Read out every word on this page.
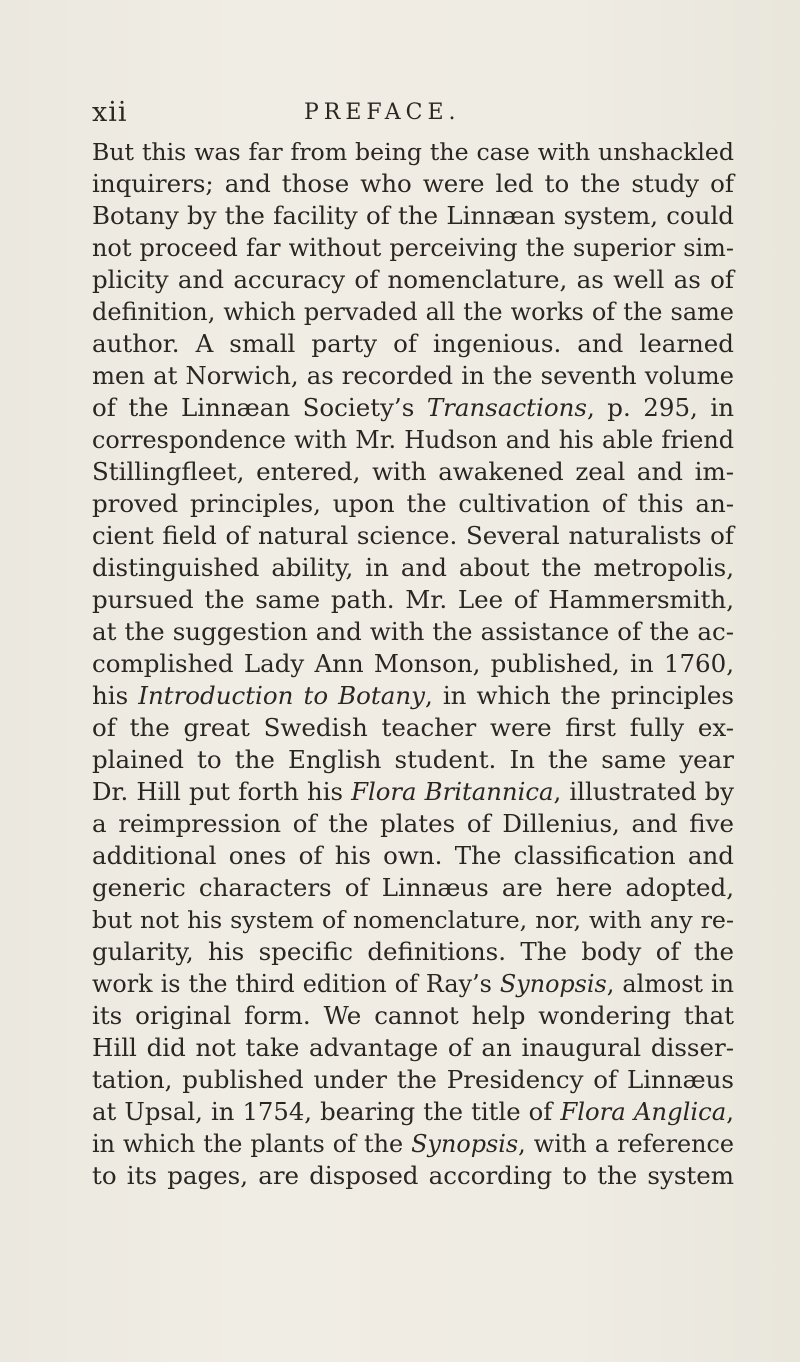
xii	PREFACE.
But this was far from being the case with unshackled
inquirers; and those who were led to the study of
Botany by the facility of the Linnæan system, could
not proceed far without perceiving the superior sim-
plicity and accuracy of nomenclature, as well as of
definition, which pervaded all the works of the same
author. A small party of ingenious. and learned
men at Norwich, as recorded in the seventh volume
of the Linnæan Society’s Transactions, p. 295, in
correspondence with Mr. Hudson and his able friend
Stillingfleet, entered, with awakened zeal and im-
proved principles, upon the cultivation of this an-
cient field of natural science. Several naturalists of
distinguished ability, in and about the metropolis,
pursued the same path. Mr. Lee of Hammersmith,
at the suggestion and with the assistance of the ac-
complished Lady Ann Monson, published, in 1760,
his Introduction to Botany, in which the principles
of the great Swedish teacher were first fully ex-
plained to the English student. In the same year
Dr. Hill put forth his Flora Britannica, illustrated by
a reimpression of the plates of Dillenius, and five
additional ones of his own. The classification and
generic characters of Linnæus are here adopted,
but not his system of nomenclature, nor, with any re-
gularity, his specific definitions. The body of the
work is the third edition of Ray’s Synopsis, almost in
its original form. We cannot help wondering that
Hill did not take advantage of an inaugural disser-
tation, published under the Presidency of Linnæus
at Upsal, in 1754, bearing the title of Flora Anglica,
in which the plants of the Synopsis, with a reference
to its pages, are disposed according to the system
